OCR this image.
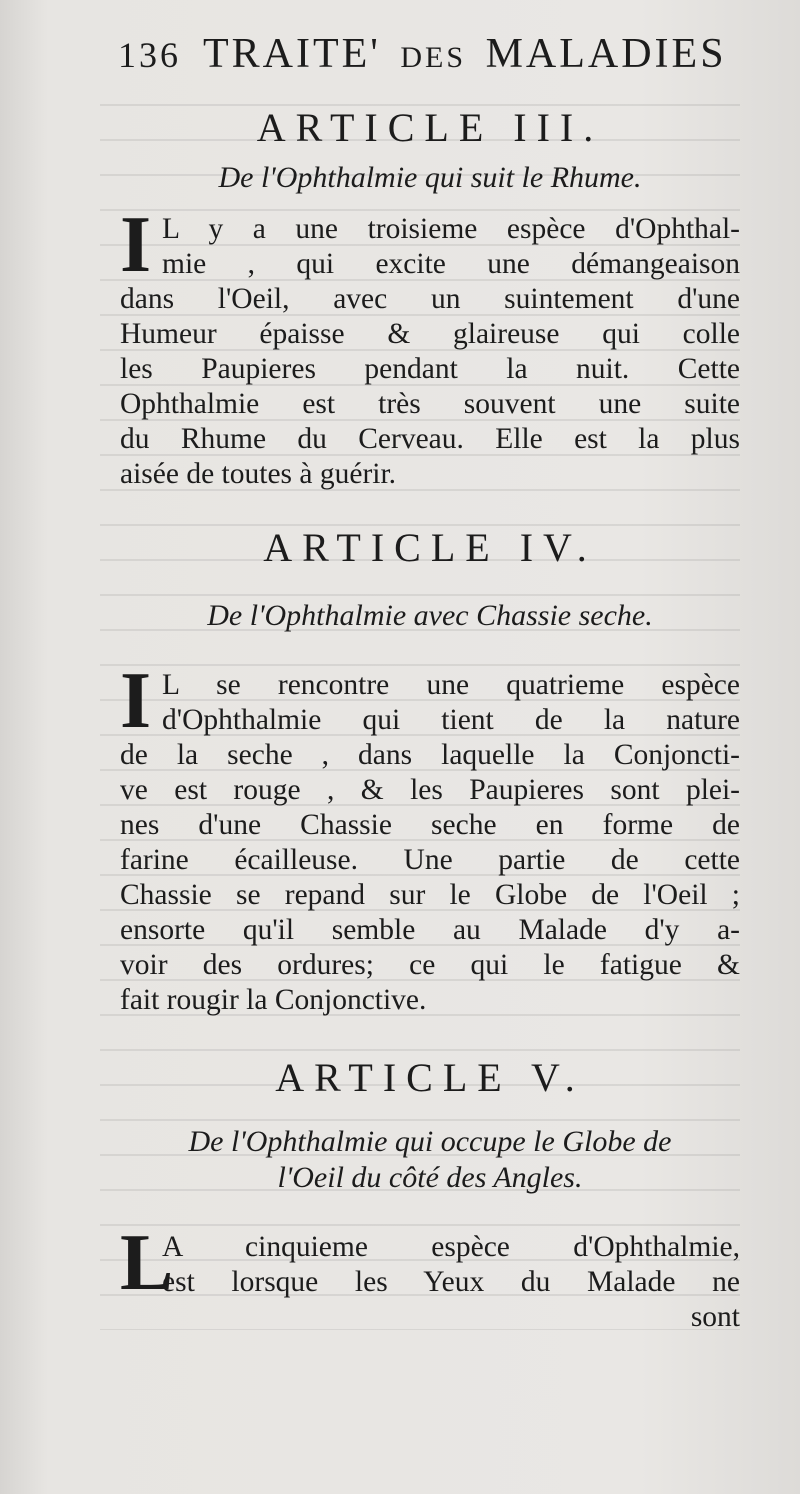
136 TRAITE' DES MALADIES
ARTICLE III.
De l'Ophthalmie qui suit le Rhume.
I L y a une troisieme espèce d'Ophthal-
mie , qui excite une démangeaison
dans l'Oeil, avec un suintement d'une
Humeur épaisse & glaireuse qui colle
les Paupieres pendant la nuit. Cette
Ophthalmie est très souvent une suite
du Rhume du Cerveau. Elle est la plus
aisée de toutes à guérir.
ARTICLE IV.
De l'Ophthalmie avec Chassie seche.
I L se rencontre une quatrieme espèce
d'Ophthalmie qui tient de la nature
de la seche , dans laquelle la Conjoncti-
ve est rouge , & les Paupieres sont plei-
nes d'une Chassie seche en forme de
farine écailleuse. Une partie de cette
Chassie se repand sur le Globe de l'Oeil ;
ensorte qu'il semble au Malade d'y a-
voir des ordures; ce qui le fatigue &
fait rougir la Conjonctive.
ARTICLE V.
De l'Ophthalmie qui occupe le Globe de
l'Oeil du côté des Angles.
L
A cinquieme espèce d'Ophthalmie,
est lorsque les Yeux du Malade ne
sont
